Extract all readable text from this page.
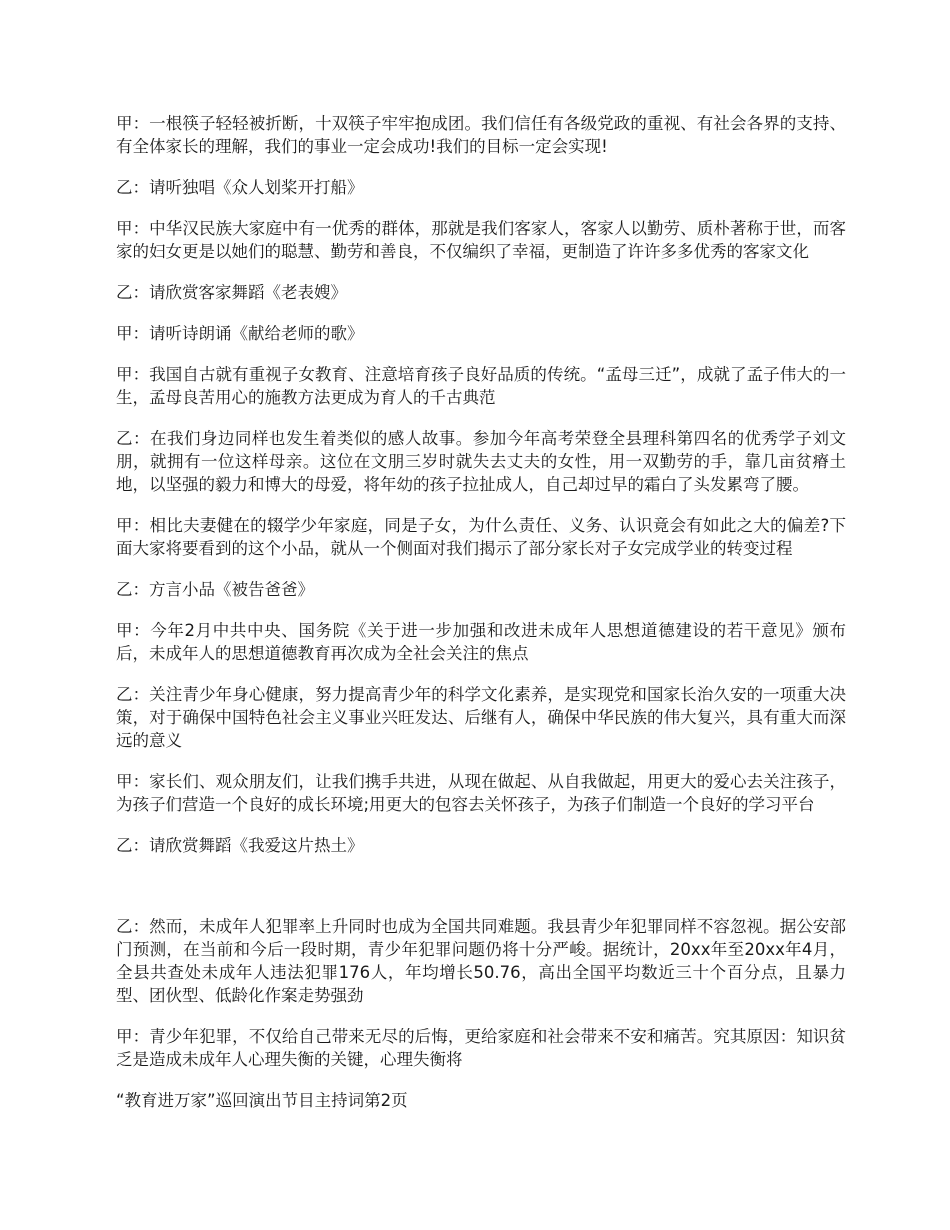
甲：一根筷子轻轻被折断，十双筷子牢牢抱成团。我们信任有各级党政的重视、有社会各界的支持、有全体家长的理解，我们的事业一定会成功!我们的目标一定会实现!

乙：请听独唱《众人划桨开打船》

甲：中华汉民族大家庭中有一优秀的群体，那就是我们客家人，客家人以勤劳、质朴著称于世，而客家的妇女更是以她们的聪慧、勤劳和善良，不仅编织了幸福，更制造了许许多多优秀的客家文化

乙：请欣赏客家舞蹈《老表嫂》

甲：请听诗朗诵《献给老师的歌》

甲：我国自古就有重视子女教育、注意培育孩子良好品质的传统。“孟母三迁”，成就了孟子伟大的一生，孟母良苦用心的施教方法更成为育人的千古典范

乙：在我们身边同样也发生着类似的感人故事。参加今年高考荣登全县理科第四名的优秀学子刘文朋，就拥有一位这样母亲。这位在文朋三岁时就失去丈夫的女性，用一双勤劳的手，靠几亩贫瘠土地，以坚强的毅力和博大的母爱，将年幼的孩子拉扯成人，自己却过早的霜白了头发累弯了腰。

甲：相比夫妻健在的辍学少年家庭，同是子女，为什么责任、义务、认识竟会有如此之大的偏差?下面大家将要看到的这个小品，就从一个侧面对我们揭示了部分家长对子女完成学业的转变过程

乙：方言小品《被告爸爸》

甲：今年2月中共中央、国务院《关于进一步加强和改进未成年人思想道德建设的若干意见》颁布后，未成年人的思想道德教育再次成为全社会关注的焦点

乙：关注青少年身心健康，努力提高青少年的科学文化素养，是实现党和国家长治久安的一项重大决策，对于确保中国特色社会主义事业兴旺发达、后继有人，确保中华民族的伟大复兴，具有重大而深远的意义

甲：家长们、观众朋友们，让我们携手共进，从现在做起、从自我做起，用更大的爱心去关注孩子，为孩子们营造一个良好的成长环境;用更大的包容去关怀孩子，为孩子们制造一个良好的学习平台

乙：请欣赏舞蹈《我爱这片热土》

乙：然而，未成年人犯罪率上升同时也成为全国共同难题。我县青少年犯罪同样不容忽视。据公安部门预测，在当前和今后一段时期，青少年犯罪问题仍将十分严峻。据统计，20xx年至20xx年4月，全县共查处未成年人违法犯罪176人，年均增长50.76，高出全国平均数近三十个百分点，且暴力型、团伙型、低龄化作案走势强劲

甲：青少年犯罪，不仅给自己带来无尽的后悔，更给家庭和社会带来不安和痛苦。究其原因：知识贫乏是造成未成年人心理失衡的关键，心理失衡将

“教育进万家”巡回演出节目主持词第2页
